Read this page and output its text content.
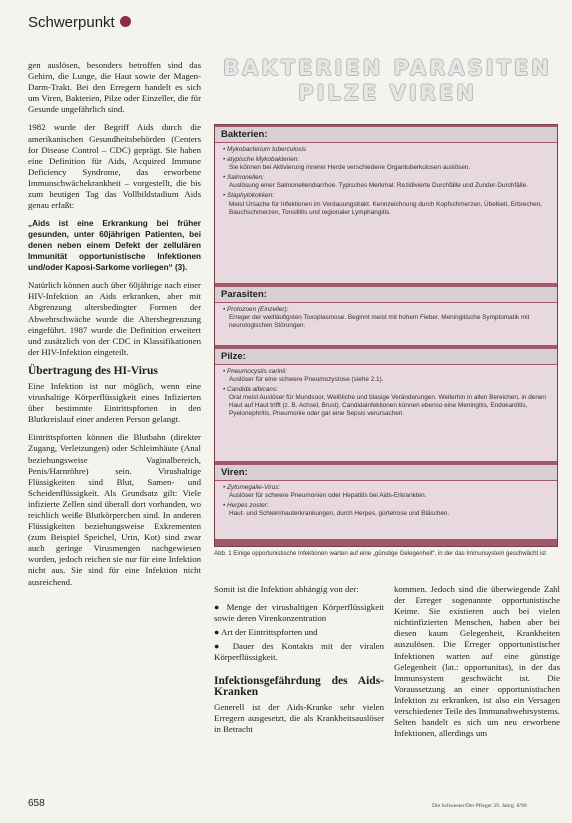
Schwerpunkt

gen auslösen, besonders betroffen sind das Gehirn, die Lunge, die Haut sowie der Magen-Darm-Trakt. Bei den Erregern handelt es sich um Viren, Bakterien, Pilze oder Einzeller, die für Gesunde ungefährlich sind.

1982 wurde der Begriff Aids durch die amerikanischen Gesundheitsbehörden (Centers for Disease Control – CDC) geprägt. Sie haben eine Definition für Aids, Acquired Immune Deficiency Syndrome, das erworbene Immunschwächekrankheit – vorgestellt, die bis zum heutigen Tag das Vollbildstadium Aids genau erfaßt:

„Aids ist eine Erkrankung bei früher gesunden, unter 60jährigen Patienten, bei denen neben einem Defekt der zellulären Immunität opportunistische Infektionen und/oder Kaposi-Sarkome vorliegen“ (3).

Natürlich können auch über 60jährige nach einer HIV-Infektion an Aids erkranken, aber mit Abgrenzung altersbedingter Formen der Abwehrschwäche wurde die Altersbegrenzung eingeführt. 1987 wurde die Definition erweitert und zusätzlich von der CDC in Klassifikationen der HIV-Infektion eingeteilt.

Übertragung des HI-Virus

Eine Infektion ist nur möglich, wenn eine virushaltige Körperflüssigkeit eines Infizierten über bestimmte Eintrittspforten in den Blutkreislauf einer anderen Person gelangt.

Eintrittspforten können die Blutbahn (direkter Zugang, Verletzungen) oder Schleimhäute (Anal beziehungsweise Vaginalbereich, Penis/Harnröhre) sein. Virushaltige Flüssigkeiten sind Blut, Samen- und Scheidenflüssigkeit. Als Grundsatz gilt: Viele infizierte Zellen sind überall dort vorhanden, wo reichlich weiße Blutkörperchen sind. In anderen Flüssigkeiten beziehungsweise Exkrementen (zum Beispiel Speichel, Urin, Kot) sind zwar auch geringe Virusmengen nachgewiesen worden, jedoch reichen sie nur für eine Infektion nicht aus. Sie sind für eine Infektion nicht ausreichend.

BAKTERIEN PARASITEN
PILZE VIREN
Bakterien:
• Mykobacterium tuberculosis
• atypische Mykobakterien:
Sie können bei Aktivierung innerer Herde verschiedene Organtuberkulosen auslösen.
• Salmonellen:
Auslösung einer Salmonellendiarrhoe. Typisches Merkmal: Rezidivierte Durchfälle und Zunder-Durchfälle.
• Staphylokokken:
Meist Ursache für Infektionen im Verdauungstrakt. Kennzeichnung durch Kopfschmerzen, Übelkeit, Erbrechen, Bauchschmerzen, Tonsillitis und regionaler Lymphangitis.
Parasiten:
• Protozoen (Einzeller):
Erreger der weitläufigsten Toxoplasmose. Beginnt meist mit hohem Fieber. Meningitische Symptomatik mit neurologischen Störungen.
Pilze:
• Pneumocystis carinii:
Auslöser für eine schwere Pneumozystose (siehe 2.1).
• Candida albicans:
Oral meist Auslöser für Mundsoor, Weißliche und blasige Veränderungen. Weiterhin in allen Bereichen, in denen Haut auf Haut trifft (z. B. Achsel, Brust). Candidainfektionen können ebenso eine Meningitis, Endokarditis, Pyelonephritis, Pneumonie oder gar eine Sepsis verursachen.
Viren:
• Zytomegalie-Virus:
Auslöser für schwere Pneumonien oder Hepatitis bei Aids-Erkrankten.
• Herpes zoster:
Haut- und Schleimhauterkrankungen, durch Herpes, gürtelrose und Bläschen.
Abb. 1 Einige opportunistische Infektionen warten auf eine „günstige Gelegenheit“, in der das Immunsystem geschwächt ist

Somit ist die Infektion abhängig von der:

● Menge der virushaltigen Körperflüssigkeit sowie deren Virenkonzentration
● Art der Eintrittspforten und
● Dauer des Kontakts mit der viralen Körperflüssigkeit.
Infektionsgefährdung des Aids-Kranken

Generell ist der Aids-Kranke sehr vielen Erregern ausgesetzt, die als Krankheitsauslöser in Betracht

kommen. Jedoch sind die überwiegende Zahl der Erreger sogenannte opportunistische Keime. Sie existieren auch bei vielen nichtinfizierten Menschen, haben aber bei diesen kaum Gelegenheit, Krankheiten auszulösen. Die Erreger opportunistischer Infektionen warten auf eine günstige Gelegenheit (lat.: opportunitas), in der das Immunsystem geschwächt ist. Die Voraussetzung an einer opportunistischen Infektion zu erkranken, ist also ein Versagen verschiedener Teile des Immunabwehrsystems. Selten handelt es sich um neu erworbene Infektionen, allerdings um

658	Die Schwester/Der Pfleger 29. Jahrg. 8/90
